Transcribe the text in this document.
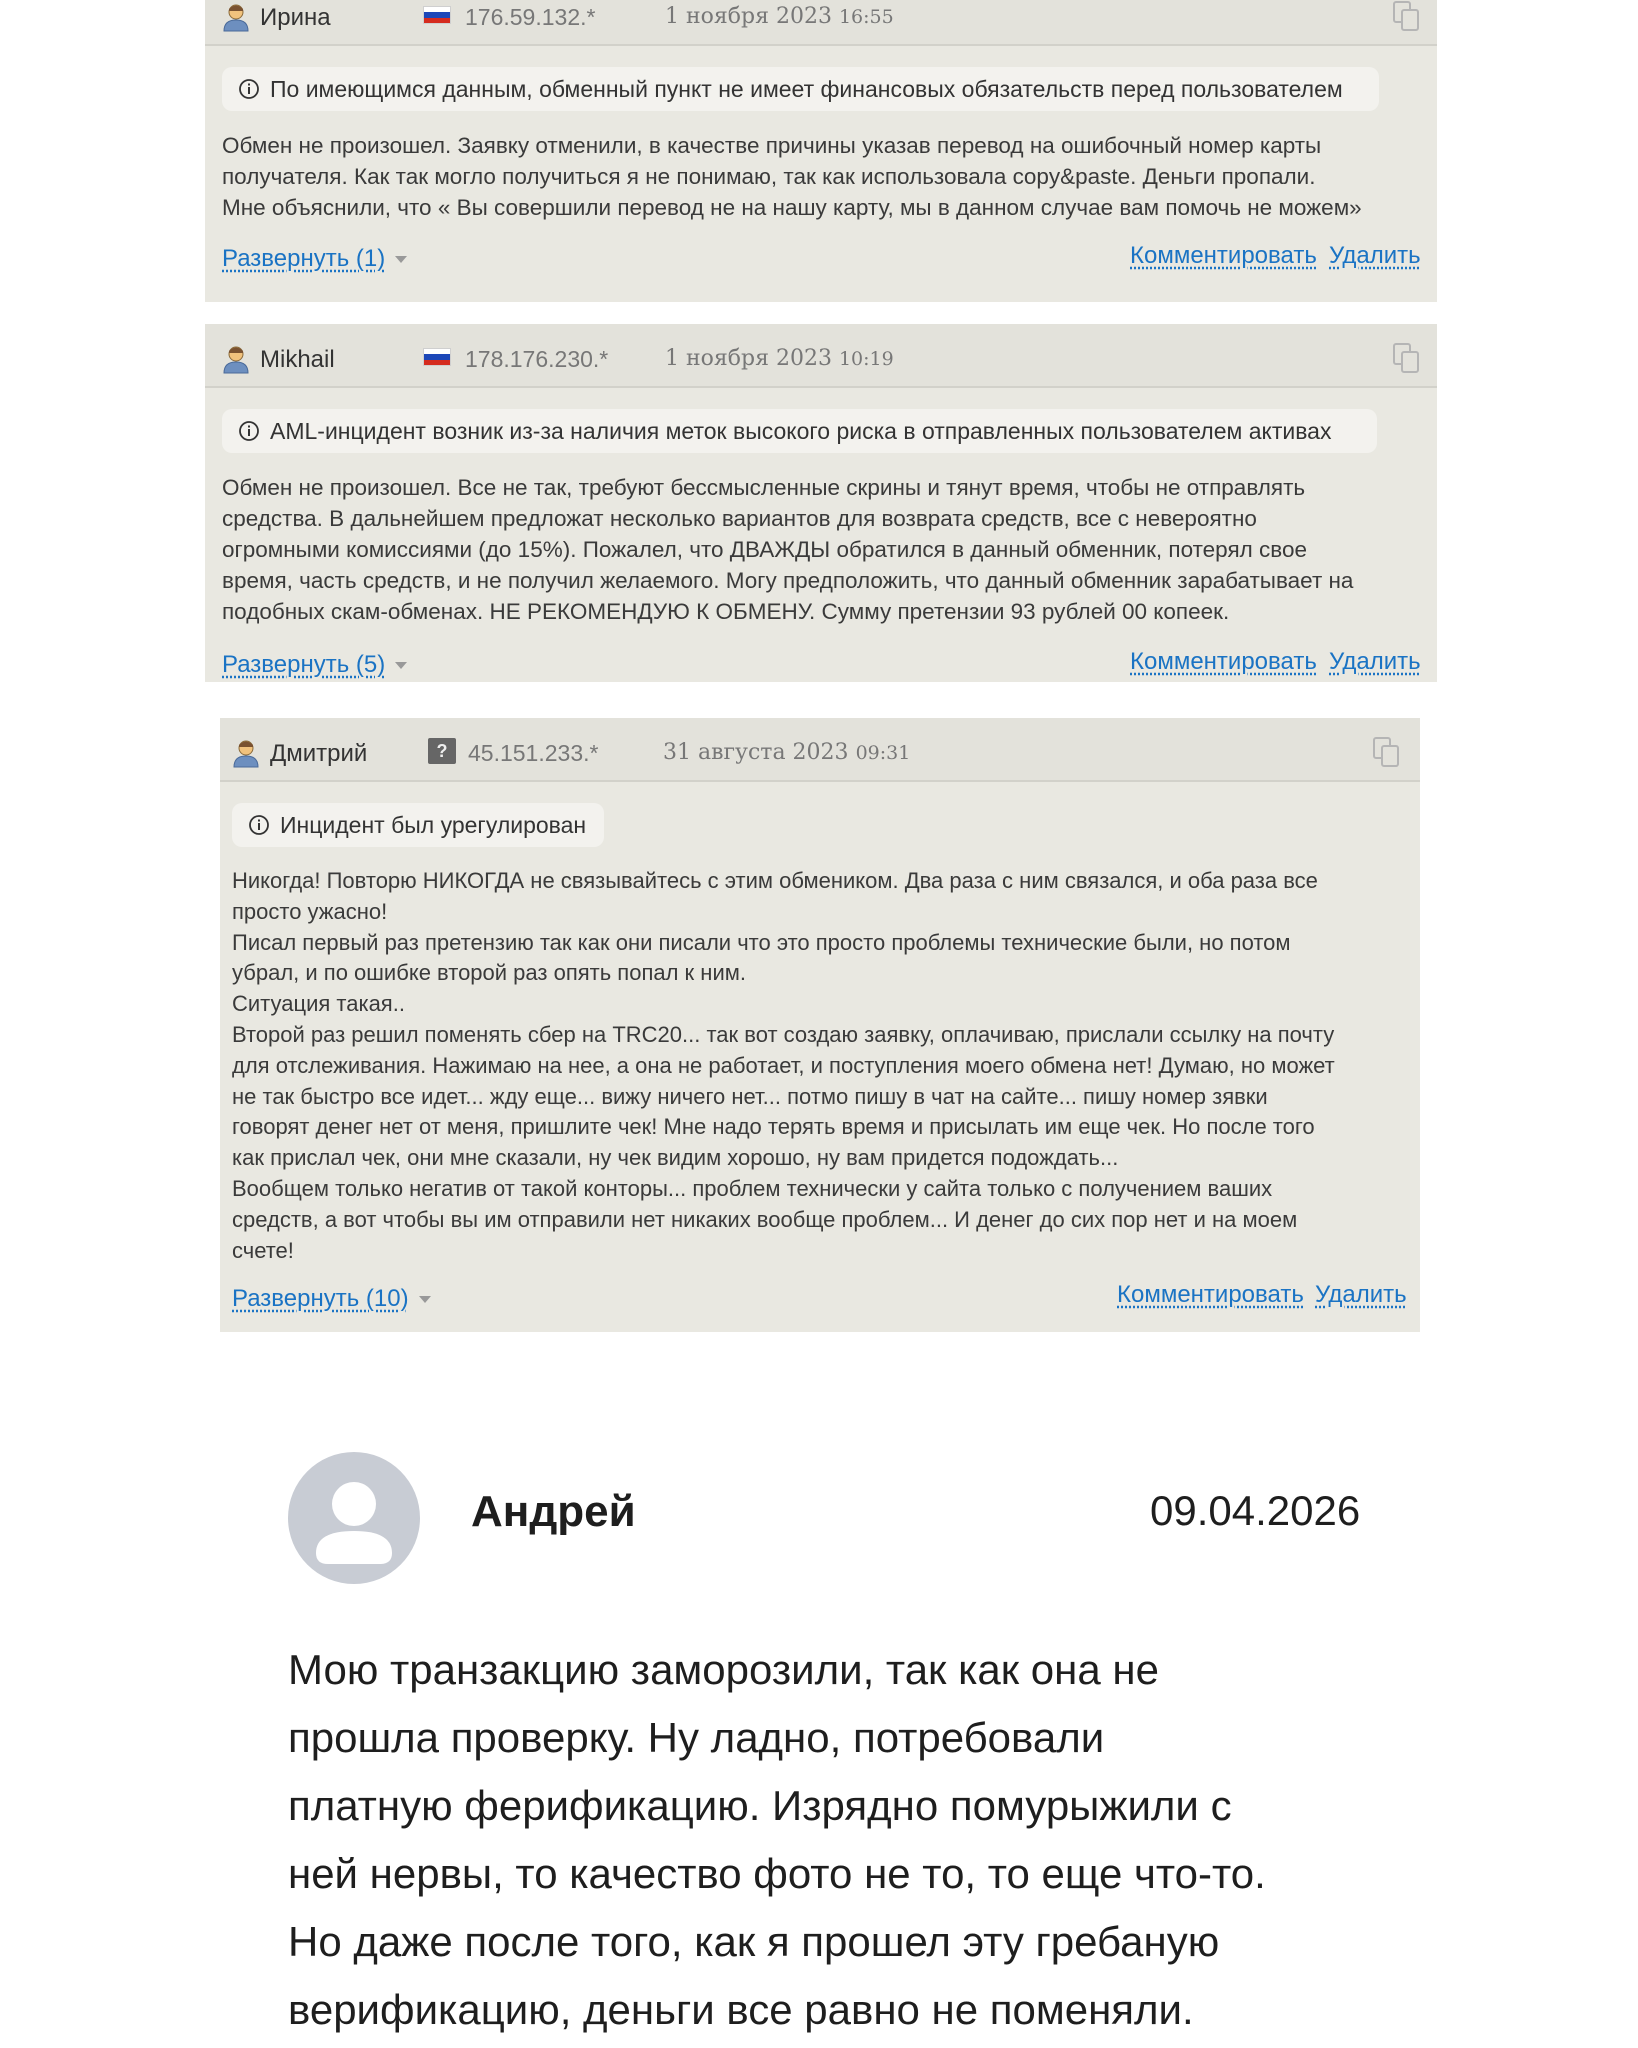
Ирина	176.59.132.*	1 ноября 2023 16:55
По имеющимся данным, обменный пункт не имеет финансовых обязательств перед пользователем
Обмен не произошел. Заявку отменили, в качестве причины указав перевод на ошибочный номер карты
получателя. Как так могло получиться я не понимаю, так как использовала copy&paste. Деньги пропали.
Мне объяснили, что « Вы совершили перевод не на нашу карту, мы в данном случае вам помочь не можем»
Развернуть (1)	Комментировать Удалить
Mikhail	178.176.230.*	1 ноября 2023 10:19
AML-инцидент возник из-за наличия меток высокого риска в отправленных пользователем активах
Обмен не произошел. Все не так, требуют бессмысленные скрины и тянут время, чтобы не отправлять
средства. В дальнейшем предложат несколько вариантов для возврата средств, все с невероятно
огромными комиссиями (до 15%). Пожалел, что ДВАЖДЫ обратился в данный обменник, потерял свое
время, часть средств, и не получил желаемого. Могу предположить, что данный обменник зарабатывает на
подобных скам-обменах. НЕ РЕКОМЕНДУЮ К ОБМЕНУ. Сумму претензии 93 рублей 00 копеек.
Развернуть (5)	Комментировать Удалить
Дмитрий	? 45.151.233.*	31 августа 2023 09:31
Инцидент был урегулирован
Никогда! Повторю НИКОГДА не связывайтесь с этим обмеником. Два раза с ним связался, и оба раза все
просто ужасно!
Писал первый раз претензию так как они писали что это просто проблемы технические были, но потом
убрал, и по ошибке второй раз опять попал к ним.
Ситуация такая..
Второй раз решил поменять сбер на TRC20... так вот создаю заявку, оплачиваю, прислали ссылку на почту
для отслеживания. Нажимаю на нее, а она не работает, и поступления моего обмена нет! Думаю, но может
не так быстро все идет... жду еще... вижу ничего нет... потмо пишу в чат на сайте... пишу номер зявки
говорят денег нет от меня, пришлите чек! Мне надо терять время и присылать им еще чек. Но после того
как прислал чек, они мне сказали, ну чек видим хорошо, ну вам придется подождать...
Вообщем только негатив от такой конторы... проблем технически у сайта только с получением ваших
средств, а вот чтобы вы им отправили нет никаких вообще проблем... И денег до сих пор нет и на моем
счете!
Развернуть (10)	Комментировать Удалить
Андрей	09.04.2026
Мою транзакцию заморозили, так как она не
прошла проверку. Ну ладно, потребовали
платную ферификацию. Изрядно помурыжили с
ней нервы, то качество фото не то, то еще что-то.
Но даже после того, как я прошел эту гребаную
верификацию, деньги все равно не поменяли.
